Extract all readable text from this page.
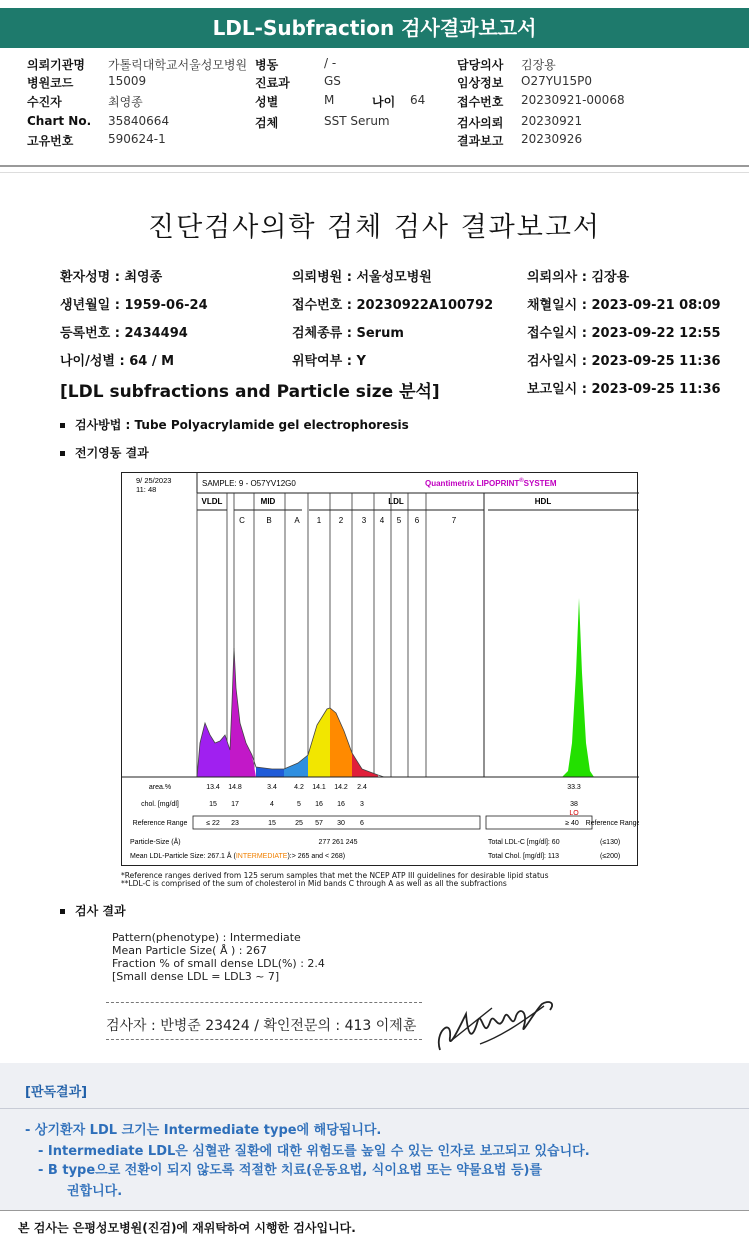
LDL-Subfraction 검사결과보고서
의뢰기관명 가톨릭대학교서울성모병원 병동	/ -	담당의사 김장용
병원코드	15009	진료과	GS	임상정보 O27YU15P0
수진자	최영종	성별	M	나이 64	접수번호 20230921-00068
Chart No. 35840664	검체	SST Serum	검사의뢰 20230921
고유번호	590624-1	결과보고 20230926
진단검사의학 검체 검사 결과보고서
환자성명 : 최영종	의뢰병원 : 서울성모병원	의뢰의사 : 김장용
생년월일 : 1959-06-24	접수번호 : 20230922A100792	채혈일시 : 2023-09-21 08:09
등록번호 : 2434494	검체종류 : Serum	접수일시 : 2023-09-22 12:55
나이/성별 : 64 / M	위탁여부 : Y	검사일시 : 2023-09-25 11:36
보고일시 : 2023-09-25 11:36
[LDL subfractions and Particle size 분석]
검사방법 : Tube Polyacrylamide gel electrophoresis
전기영동 결과
9/ 25/2023
11: 48
SAMPLE: 9 - O57YV12G0	Quantimetrix LIPOPRINT®SYSTEM
VLDL	MID	LDL	HDL
C	B	A 1 2 3 4 5 6	7
area.%	13.4 14.8	3.4 4.2 14.1 14.2 2.4	33.3
chol. [mg/dl]	15 17	4	5 16 16 3	38
LO
Reference Range	≤ 22 23	15	25 57 30 6	≥ 40 Reference Range
Particle-Size (Å)	277 261 245	Total LDL-C [mg/dl]: 60	(≤130)
Total Chol. [mg/dl]: 113	(≤200)
Mean LDL-Particle Size: 267.1 Å (INTERMEDIATE):> 265 and < 268)
*Reference ranges derived from 125 serum samples that met the NCEP ATP III guidelines for desirable lipid status
**LDL-C is comprised of the sum of cholesterol in Mid bands C through A as well as all the subfractions
검사 결과
Pattern(phenotype) : Intermediate
Mean Particle Size( Å ) : 267
Fraction % of small dense LDL(%) : 2.4
[Small dense LDL = LDL3 ~ 7]
검사자 : 반병준 23424 / 확인전문의 : 413 이제훈
[판독결과]
- 상기환자 LDL 크기는 Intermediate type에 해당됩니다.
- Intermediate LDL은 심혈관 질환에 대한 위험도를 높일 수 있는 인자로 보고되고 있습니다.
- B type으로 전환이 되지 않도록 적절한 치료(운동요법, 식이요법 또는 약물요법 등)를
권합니다.
본 검사는 은평성모병원(진검)에 재위탁하여 시행한 검사입니다.
